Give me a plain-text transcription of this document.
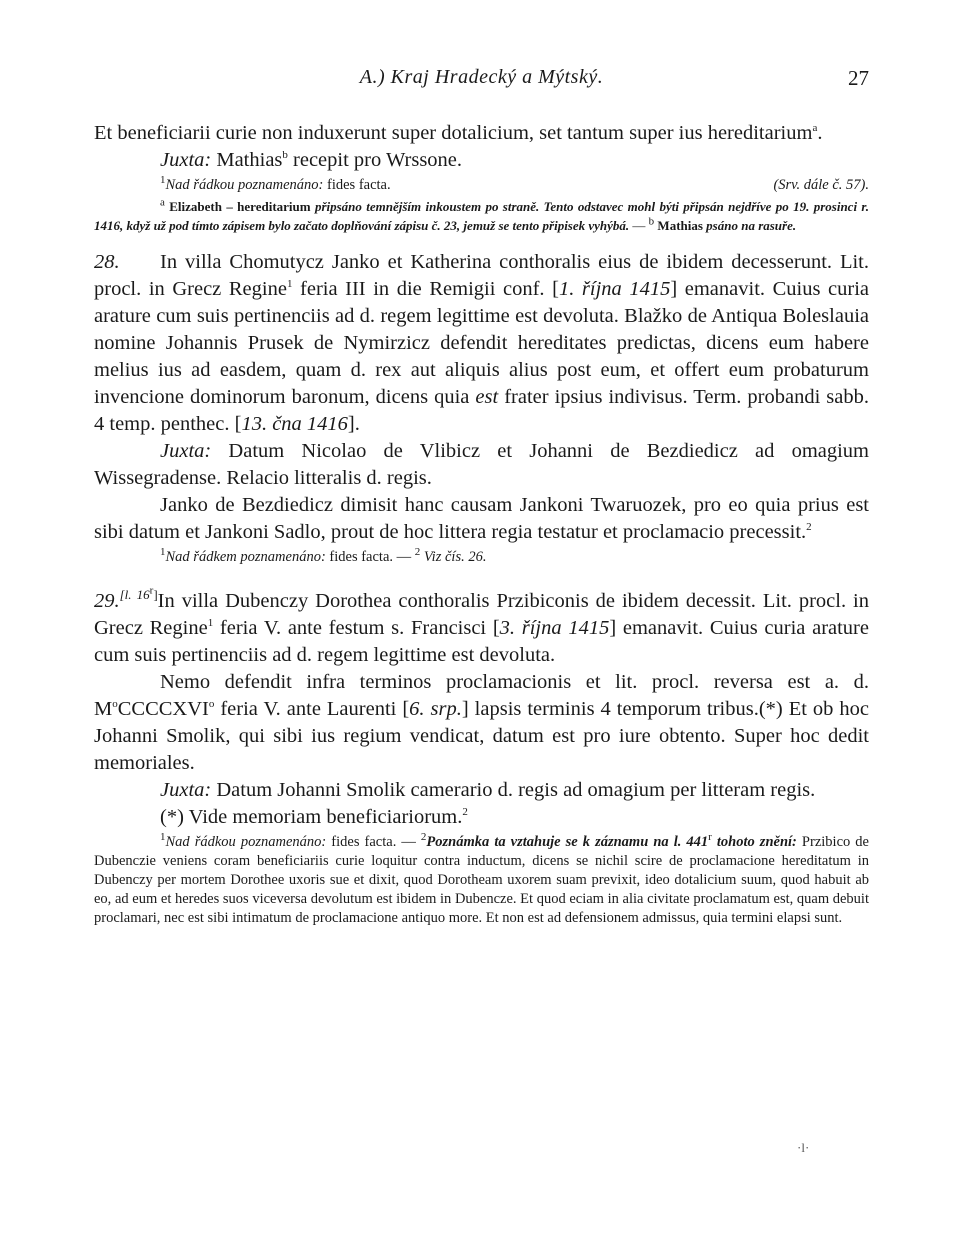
A.) Kraj Hradecký a Mýtský.	27

Et beneficiarii curie non induxerunt super dotalicium, set tantum super ius hereditarium$^a$.

Juxta: Mathias$^b$ recepit pro Wrssone.

$^1$Nad řádkou poznamenáno: fides facta.	(Srv. dále č. 57).

$^a$ Elizabeth – hereditarium připsáno temnějším inkoustem po straně. Tento odstavec mohl býti připsán nejdříve po 19. prosinci r. 1416, když už pod tímto zápisem bylo začato doplňování zápisu č. 23, jemuž se tento připisek vyhýbá. — $^b$ Mathias psáno na rasuře.

28. In villa Chomutycz Janko et Katherina conthoralis eius de ibidem decesserunt. Lit. procl. in Grecz Regine$^1$ feria III in die Remigii conf. [1. října 1415] emanavit. Cuius curia arature cum suis pertinenciis ad d. regem legittime est devoluta. Blažko de Antiqua Boleslauia nomine Johannis Prusek de Nymirzicz defendit hereditates predictas, dicens eum habere melius ius ad easdem, quam d. rex aut aliquis alius post eum, et offert eum probaturum invencione dominorum baronum, dicens quia est frater ipsius indivisus. Term. probandi sabb. 4 temp. penthec. [13. čna 1416].

Juxta: Datum Nicolao de Vlibicz et Johanni de Bezdiedicz ad omagium Wissegradense. Relacio litteralis d. regis.

Janko de Bezdiedicz dimisit hanc causam Jankoni Twaruozek, pro eo quia prius est sibi datum et Jankoni Sadlo, prout de hoc littera regia testatur et proclamacio precessit.$^2$

$^1$Nad řádkem poznamenáno: fides facta. — $^2$ Viz čís. 26.

29.[l. 16r]In villa Dubenczy Dorothea conthoralis Przibiconis de ibidem decessit. Lit. procl. in Grecz Regine$^1$ feria V. ante festum s. Francisci [3. října 1415] emanavit. Cuius curia arature cum suis pertinenciis ad d. regem legittime est devoluta.

Nemo defendit infra terminos proclamacionis et lit. procl. reversa est a. d. $M^oCCCCXVI^o$ feria V. ante Laurenti [6. srp.] lapsis terminis 4 temporum tribus.(*) Et ob hoc Johanni Smolik, qui sibi ius regium vendicat, datum est pro iure obtento. Super hoc dedit memoriales.

Juxta: Datum Johanni Smolik camerario d. regis ad omagium per litteram regis.

(*) Vide memoriam beneficiariorum.$^2$

$^1$Nad řádkou poznamenáno: fides facta. — $^2$Poznámka ta vztahuje se k záznamu na l. 441$^r$ tohoto znění: Przibico de Dubenczie veniens coram beneficiariis curie loquitur contra inductum, dicens se nichil scire de proclamacione hereditatum in Dubenczy per mortem Dorothee uxoris sue et dixit, quod Dorotheam uxorem suam previxit, ideo dotalicium suum, quod habuit ab eo, ad eum et heredes suos viceversa devolutum est ibidem in Dubencze. Et quod eciam in alia civitate proclamatum est, quam debuit proclamari, nec est sibi intimatum de proclamacione antiquo more. Et non est ad defensionem admissus, quia termini elapsi sunt.

·l·
